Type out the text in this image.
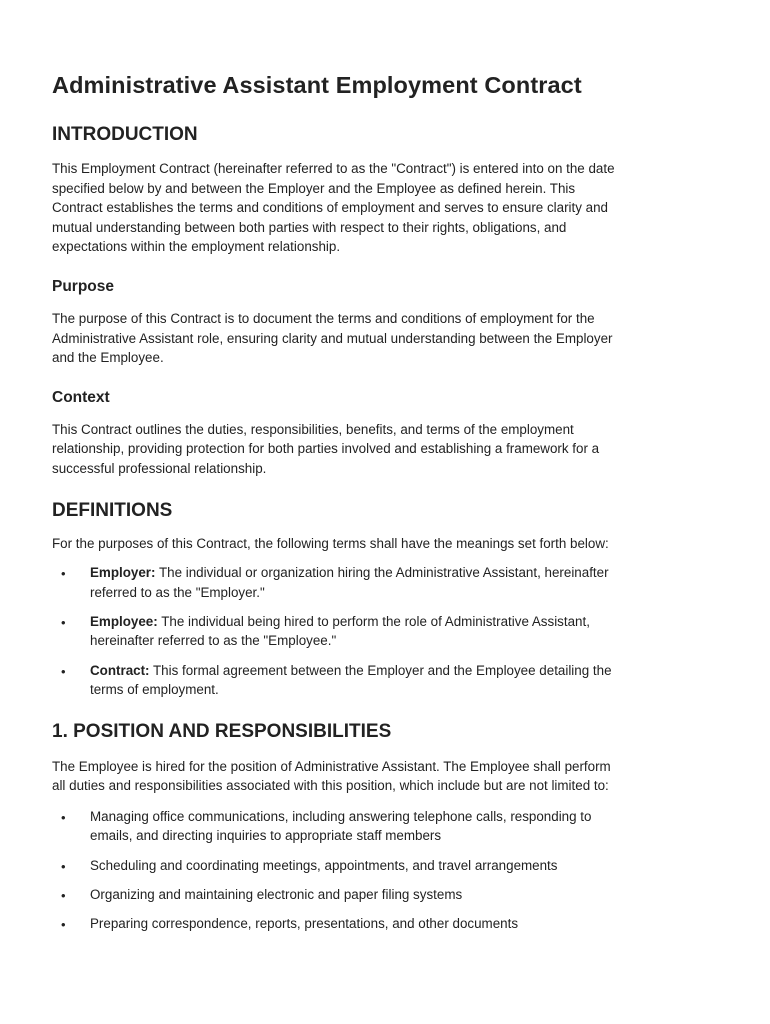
Administrative Assistant Employment Contract
INTRODUCTION

This Employment Contract (hereinafter referred to as the "Contract") is entered into on the date
specified below by and between the Employer and the Employee as defined herein. This
Contract establishes the terms and conditions of employment and serves to ensure clarity and
mutual understanding between both parties with respect to their rights, obligations, and
expectations within the employment relationship.

Purpose

The purpose of this Contract is to document the terms and conditions of employment for the
Administrative Assistant role, ensuring clarity and mutual understanding between the Employer
and the Employee.

Context

This Contract outlines the duties, responsibilities, benefits, and terms of the employment
relationship, providing protection for both parties involved and establishing a framework for a
successful professional relationship.

DEFINITIONS

For the purposes of this Contract, the following terms shall have the meanings set forth below:

• Employer: The individual or organization hiring the Administrative Assistant, hereinafter
referred to as the "Employer."
• Employee: The individual being hired to perform the role of Administrative Assistant,
hereinafter referred to as the "Employee."
• Contract: This formal agreement between the Employer and the Employee detailing the
terms of employment.
1. POSITION AND RESPONSIBILITIES

The Employee is hired for the position of Administrative Assistant. The Employee shall perform
all duties and responsibilities associated with this position, which include but are not limited to:

• Managing office communications, including answering telephone calls, responding to
emails, and directing inquiries to appropriate staff members
• Scheduling and coordinating meetings, appointments, and travel arrangements
• Organizing and maintaining electronic and paper filing systems
• Preparing correspondence, reports, presentations, and other documents
